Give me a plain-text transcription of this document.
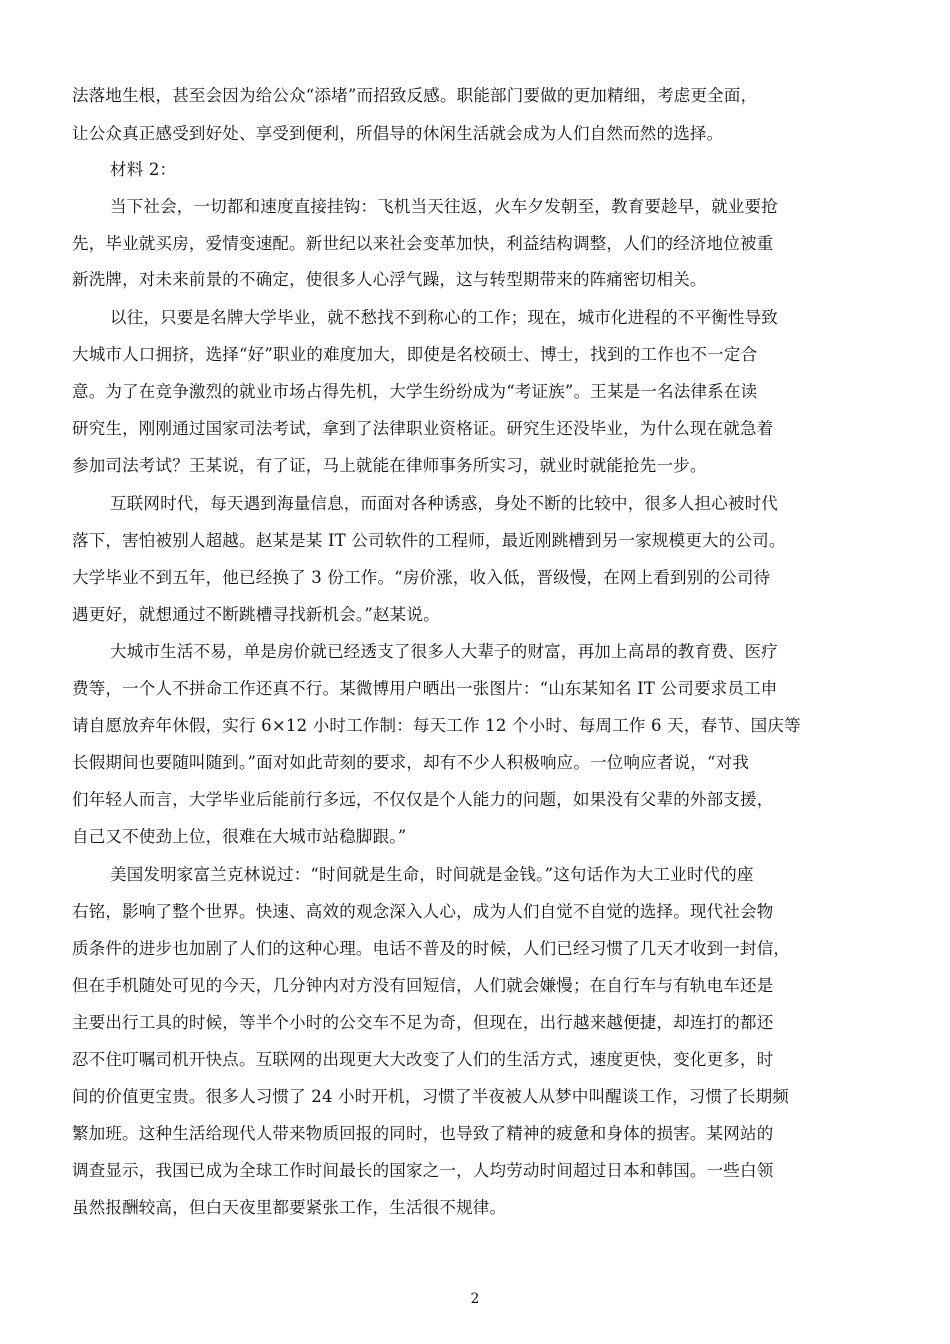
法落地生根，甚至会因为给公众“添堵”而招致反感。职能部门要做的更加精细，考虑更全面，
让公众真正感受到好处、享受到便利，所倡导的休闲生活就会成为人们自然而然的选择。
材料 2：
当下社会，一切都和速度直接挂钩：飞机当天往返，火车夕发朝至，教育要趁早，就业要抢
先，毕业就买房，爱情变速配。新世纪以来社会变革加快，利益结构调整，人们的经济地位被重
新洗牌，对未来前景的不确定，使很多人心浮气躁，这与转型期带来的阵痛密切相关。
以往，只要是名牌大学毕业，就不愁找不到称心的工作；现在，城市化进程的不平衡性导致
大城市人口拥挤，选择“好”职业的难度加大，即使是名校硕士、博士，找到的工作也不一定合
意。为了在竞争激烈的就业市场占得先机，大学生纷纷成为“考证族”。王某是一名法律系在读
研究生，刚刚通过国家司法考试，拿到了法律职业资格证。研究生还没毕业，为什么现在就急着
参加司法考试？王某说，有了证，马上就能在律师事务所实习，就业时就能抢先一步。
互联网时代，每天遇到海量信息，而面对各种诱惑，身处不断的比较中，很多人担心被时代
落下，害怕被别人超越。赵某是某 IT 公司软件的工程师，最近刚跳槽到另一家规模更大的公司。
大学毕业不到五年，他已经换了 3 份工作。“房价涨，收入低，晋级慢，在网上看到别的公司待
遇更好，就想通过不断跳槽寻找新机会。”赵某说。
大城市生活不易，单是房价就已经透支了很多人大辈子的财富，再加上高昂的教育费、医疗
费等，一个人不拼命工作还真不行。某微博用户晒出一张图片：“山东某知名 IT 公司要求员工申
请自愿放弃年休假，实行 6×12 小时工作制：每天工作 12 个小时、每周工作 6 天，春节、国庆等
长假期间也要随叫随到。”面对如此苛刻的要求，却有不少人积极响应。一位响应者说，“对我
们年轻人而言，大学毕业后能前行多远，不仅仅是个人能力的问题，如果没有父辈的外部支援，
自己又不使劲上位，很难在大城市站稳脚跟。”
美国发明家富兰克林说过：“时间就是生命，时间就是金钱。”这句话作为大工业时代的座
右铭，影响了整个世界。快速、高效的观念深入人心，成为人们自觉不自觉的选择。现代社会物
质条件的进步也加剧了人们的这种心理。电话不普及的时候，人们已经习惯了几天才收到一封信，
但在手机随处可见的今天，几分钟内对方没有回短信，人们就会嫌慢；在自行车与有轨电车还是
主要出行工具的时候，等半个小时的公交车不足为奇，但现在，出行越来越便捷，却连打的都还
忍不住叮嘱司机开快点。互联网的出现更大大改变了人们的生活方式，速度更快，变化更多，时
间的价值更宝贵。很多人习惯了 24 小时开机，习惯了半夜被人从梦中叫醒谈工作，习惯了长期频
繁加班。这种生活给现代人带来物质回报的同时，也导致了精神的疲惫和身体的损害。某网站的
调查显示，我国已成为全球工作时间最长的国家之一，人均劳动时间超过日本和韩国。一些白领
虽然报酬较高，但白天夜里都要紧张工作，生活很不规律。
2
